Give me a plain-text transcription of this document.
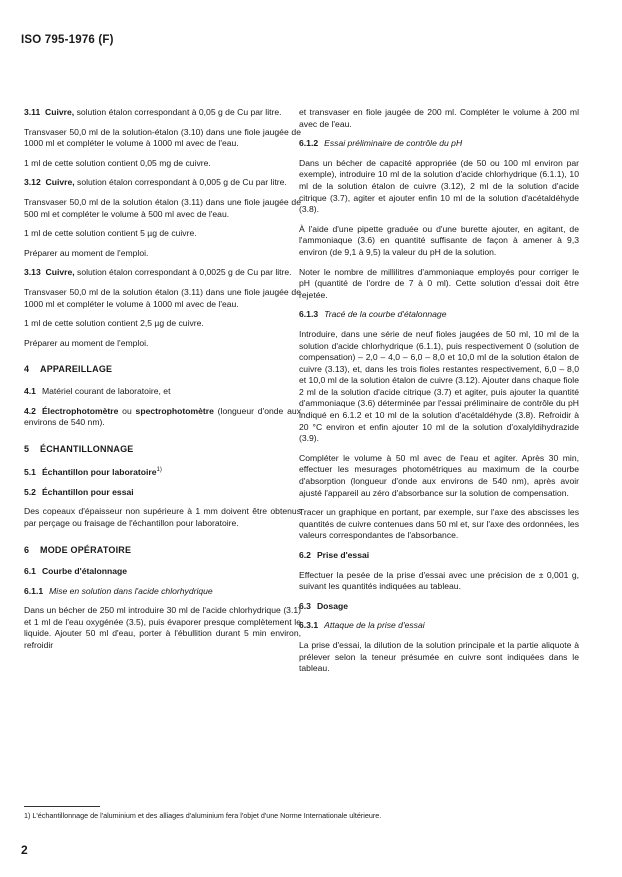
ISO 795-1976 (F)

3.11 Cuivre, solution étalon correspondant à 0,05 g de Cu par litre.

Transvaser 50,0 ml de la solution-étalon (3.10) dans une fiole jaugée de 1000 ml et compléter le volume à 1000 ml avec de l'eau.

1 ml de cette solution contient 0,05 mg de cuivre.

3.12 Cuivre, solution étalon correspondant à 0,005 g de Cu par litre.

Transvaser 50,0 ml de la solution étalon (3.11) dans une fiole jaugée de 500 ml et compléter le volume à 500 ml avec de l'eau.

1 ml de cette solution contient 5 µg de cuivre.

Préparer au moment de l'emploi.

3.13 Cuivre, solution étalon correspondant à 0,0025 g de Cu par litre.

Transvaser 50,0 ml de la solution étalon (3.11) dans une fiole jaugée de 1000 ml et compléter le volume à 1000 ml avec de l'eau.

1 ml de cette solution contient 2,5 µg de cuivre.

Préparer au moment de l'emploi.

4 APPAREILLAGE

4.1 Matériel courant de laboratoire, et

4.2 Électrophotomètre ou spectrophotomètre (longueur d'onde aux environs de 540 nm).

5 ÉCHANTILLONNAGE

5.1 Échantillon pour laboratoire$^{1)}$

5.2 Échantillon pour essai

Des copeaux d'épaisseur non supérieure à 1 mm doivent être obtenus par perçage ou fraisage de l'échantillon pour laboratoire.

6 MODE OPÉRATOIRE

6.1 Courbe d'étalonnage

6.1.1 Mise en solution dans l'acide chlorhydrique

Dans un bécher de 250 ml introduire 30 ml de l'acide chlorhydrique (3.1) et 1 ml de l'eau oxygénée (3.5), puis évaporer presque complètement le liquide. Ajouter 50 ml d'eau, porter à l'ébullition durant 5 min environ, refroidir

et transvaser en fiole jaugée de 200 ml. Compléter le volume à 200 ml avec de l'eau.

6.1.2 Essai préliminaire de contrôle du pH

Dans un bécher de capacité appropriée (de 50 ou 100 ml environ par exemple), introduire 10 ml de la solution d'acide chlorhydrique (6.1.1), 10 ml de la solution étalon de cuivre (3.12), 2 ml de la solution d'acide citrique (3.7), agiter et ajouter enfin 10 ml de la solution d'acétaldéhyde (3.8).

À l'aide d'une pipette graduée ou d'une burette ajouter, en agitant, de l'ammoniaque (3.6) en quantité suffisante de façon à amener à 9,3 environ (de 9,1 à 9,5) la valeur du pH de la solution.

Noter le nombre de millilitres d'ammoniaque employés pour corriger le pH (quantité de l'ordre de 7 à 0 ml). Cette solution d'essai doit être rejetée.

6.1.3 Tracé de la courbe d'étalonnage

Introduire, dans une série de neuf fioles jaugées de 50 ml, 10 ml de la solution d'acide chlorhydrique (6.1.1), puis respectivement 0 (solution de compensation) – 2,0 – 4,0 – 6,0 – 8,0 et 10,0 ml de la solution étalon de cuivre (3.13), et, dans les trois fioles restantes respectivement, 6,0 – 8,0 et 10,0 ml de la solution étalon de cuivre (3.12). Ajouter dans chaque fiole 2 ml de la solution d'acide citrique (3.7) et agiter, puis ajouter la quantité d'ammoniaque (3.6) déterminée par l'essai préliminaire de contrôle du pH indiqué en 6.1.2 et 10 ml de la solution d'acétaldéhyde (3.8). Refroidir à 20 °C environ et enfin ajouter 10 ml de la solution d'oxalyldihydrazide (3.9).

Compléter le volume à 50 ml avec de l'eau et agiter. Après 30 min, effectuer les mesurages photométriques au maximum de la courbe d'absorption (longueur d'onde aux environs de 540 nm), après avoir ajusté l'appareil au zéro d'absorbance sur la solution de compensation.

Tracer un graphique en portant, par exemple, sur l'axe des abscisses les quantités de cuivre contenues dans 50 ml et, sur l'axe des ordonnées, les valeurs correspondantes de l'absorbance.

6.2 Prise d'essai

Effectuer la pesée de la prise d'essai avec une précision de ± 0,001 g, suivant les quantités indiquées au tableau.

6.3 Dosage

6.3.1 Attaque de la prise d'essai

La prise d'essai, la dilution de la solution principale et la partie aliquote à prélever selon la teneur présumée en cuivre sont indiquées dans le tableau.

1) L'échantillonnage de l'aluminium et des alliages d'aluminium fera l'objet d'une Norme Internationale ultérieure.
2
